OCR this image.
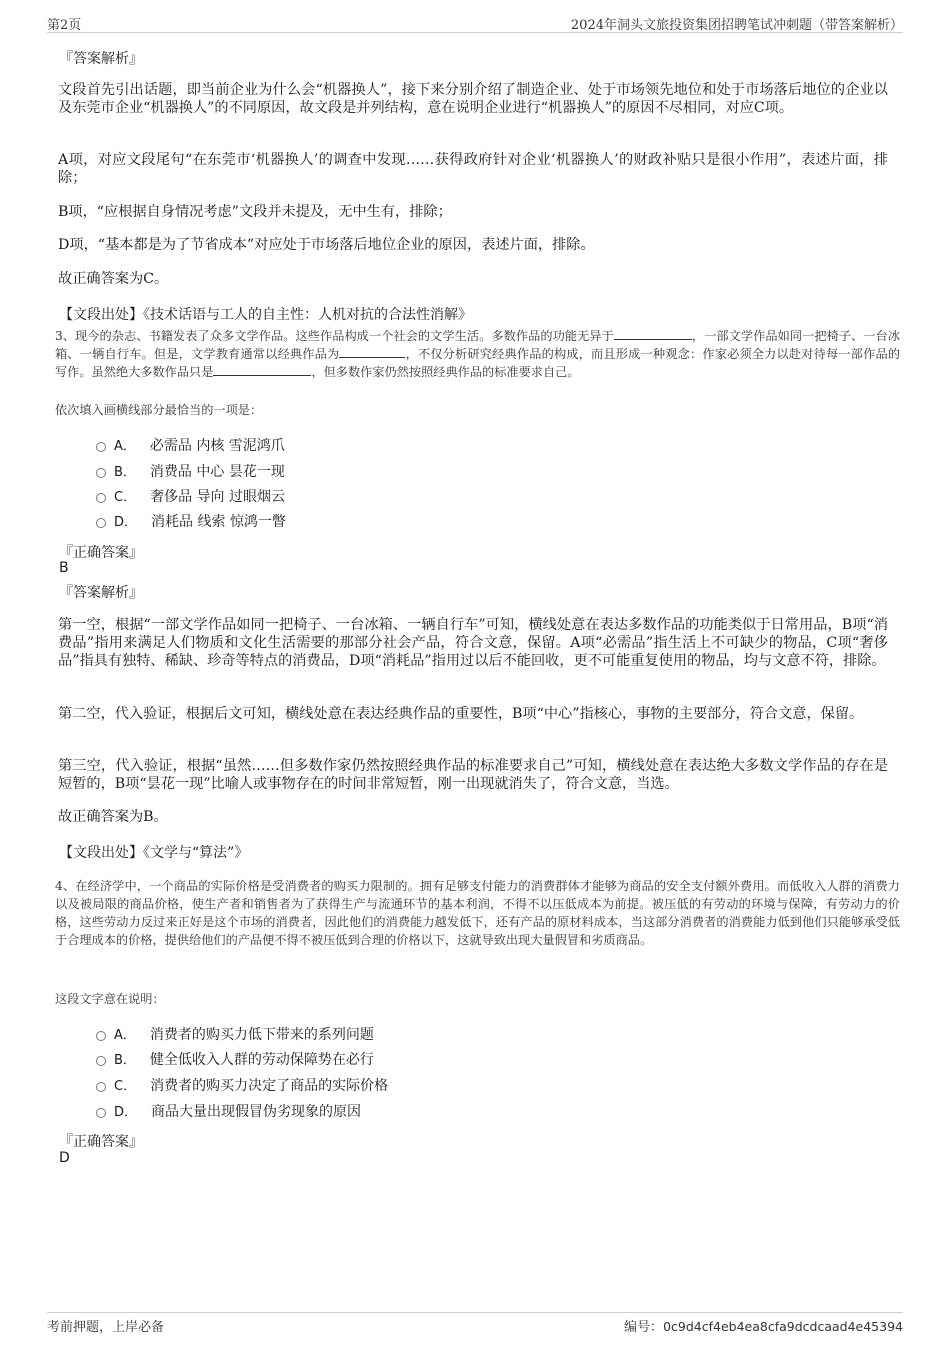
第2页	2024年洞头文旅投资集团招聘笔试冲刺题（带答案解析）
『答案解析』
文段首先引出话题，即当前企业为什么会“机器换人”，接下来分别介绍了制造企业、处于市场领先地位和处于市场落后地位的企业以及东莞市企业“机器换人”的不同原因，故文段是并列结构，意在说明企业进行“机器换人”的原因不尽相同，对应C项。
A项，对应文段尾句“在东莞市‘机器换人’的调查中发现……获得政府针对企业‘机器换人’的财政补贴只是很小作用”，表述片面，排除；
B项，“应根据自身情况考虑”文段并未提及，无中生有，排除；
D项，“基本都是为了节省成本”对应处于市场落后地位企业的原因，表述片面，排除。
故正确答案为C。
【文段出处】《技术话语与工人的自主性：人机对抗的合法性消解》
3、现今的杂志、书籍发表了众多文学作品。这些作品构成一个社会的文学生活。多数作品的功能无异于	，一部文学作品如同一把椅子、一台冰箱、一辆自行车。但是，文学教育通常以经典作品为	，不仅分析研究经典作品的构成，而且形成一种观念：作家必须全力以赴对待每一部作品的写作。虽然绝大多数作品只是	，但多数作家仍然按照经典作品的标准要求自己。
依次填入画横线部分最恰当的一项是：
A． 必需品 内核 雪泥鸿爪
B． 消费品 中心 昙花一现
C． 奢侈品 导向 过眼烟云
D． 消耗品 线索 惊鸿一瞥
『正确答案』
B
『答案解析』
第一空，根据“一部文学作品如同一把椅子、一台冰箱、一辆自行车”可知，横线处意在表达多数作品的功能类似于日常用品，B项“消费品”指用来满足人们物质和文化生活需要的那部分社会产品，符合文意，保留。A项“必需品”指生活上不可缺少的物品，C项“奢侈品”指具有独特、稀缺、珍奇等特点的消费品，D项“消耗品”指用过以后不能回收，更不可能重复使用的物品，均与文意不符，排除。
第二空，代入验证，根据后文可知，横线处意在表达经典作品的重要性，B项“中心”指核心，事物的主要部分，符合文意，保留。
第三空，代入验证，根据“虽然……但多数作家仍然按照经典作品的标准要求自己”可知，横线处意在表达绝大多数文学作品的存在是短暂的，B项“昙花一现”比喻人或事物存在的时间非常短暂，刚一出现就消失了，符合文意，当选。
故正确答案为B。
【文段出处】《文学与“算法”》
4、在经济学中，一个商品的实际价格是受消费者的购买力限制的。拥有足够支付能力的消费群体才能够为商品的安全支付额外费用。而低收入人群的消费力以及被局限的商品价格，使生产者和销售者为了获得生产与流通环节的基本利润，不得不以压低成本为前提。被压低的有劳动的环境与保障，有劳动力的价格，这些劳动力反过来正好是这个市场的消费者，因此他们的消费能力越发低下，还有产品的原材料成本，当这部分消费者的消费能力低到他们只能够承受低于合理成本的价格，提供给他们的产品便不得不被压低到合理的价格以下，这就导致出现大量假冒和劣质商品。
这段文字意在说明：
A． 消费者的购买力低下带来的系列问题
B． 健全低收入人群的劳动保障势在必行
C． 消费者的购买力决定了商品的实际价格
D． 商品大量出现假冒伪劣现象的原因
『正确答案』
D
考前押题，上岸必备	编号：0c9d4cf4eb4ea8cfa9dcdcaad4e45394
